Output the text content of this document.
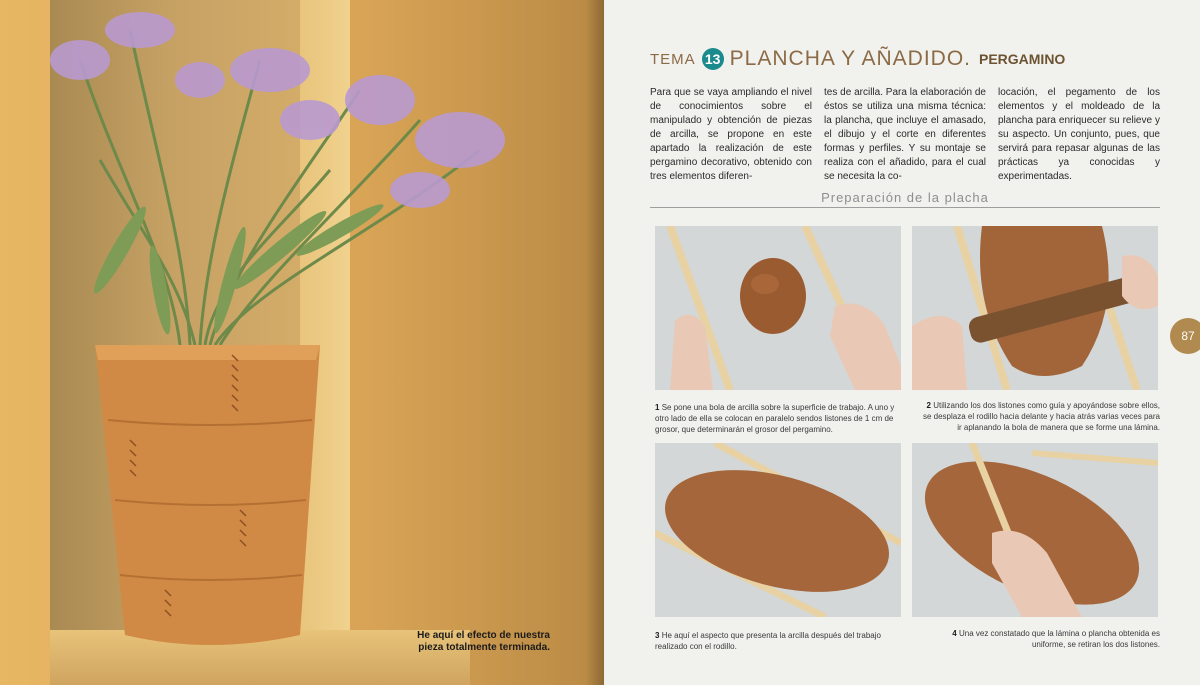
He aquí el efecto de nuestra pieza totalmente terminada.
TEMA 13 PLANCHA Y AÑADIDO. PERGAMINO
Para que se vaya ampliando el nivel de conocimientos sobre el manipulado y obtención de piezas de arcilla, se propone en este apartado la realización de este pergamino decorativo, obtenido con tres elementos diferen-
tes de arcilla. Para la elaboración de éstos se utiliza una misma técnica: la plancha, que incluye el amasado, el dibujo y el corte en diferentes formas y perfiles. Y su montaje se realiza con el añadido, para el cual se necesita la co-
locación, el pegamento de los elementos y el moldeado de la plancha para enriquecer su relieve y su aspecto. Un conjunto, pues, que servirá para repasar algunas de las prácticas ya conocidas y experimentadas.
Preparación de la placha
1 Se pone una bola de arcilla sobre la superficie de trabajo. A uno y otro lado de ella se colocan en paralelo sendos listones de 1 cm de grosor, que determinarán el grosor del pergamino.
2 Utilizando los dos listones como guía y apoyándose sobre ellos, se desplaza el rodillo hacia delante y hacia atrás varias veces para ir aplanando la bola de manera que se forme una lámina.
3 He aquí el aspecto que presenta la arcilla después del trabajo realizado con el rodillo.
4 Una vez constatado que la lámina o plancha obtenida es uniforme, se retiran los dos listones.
87
